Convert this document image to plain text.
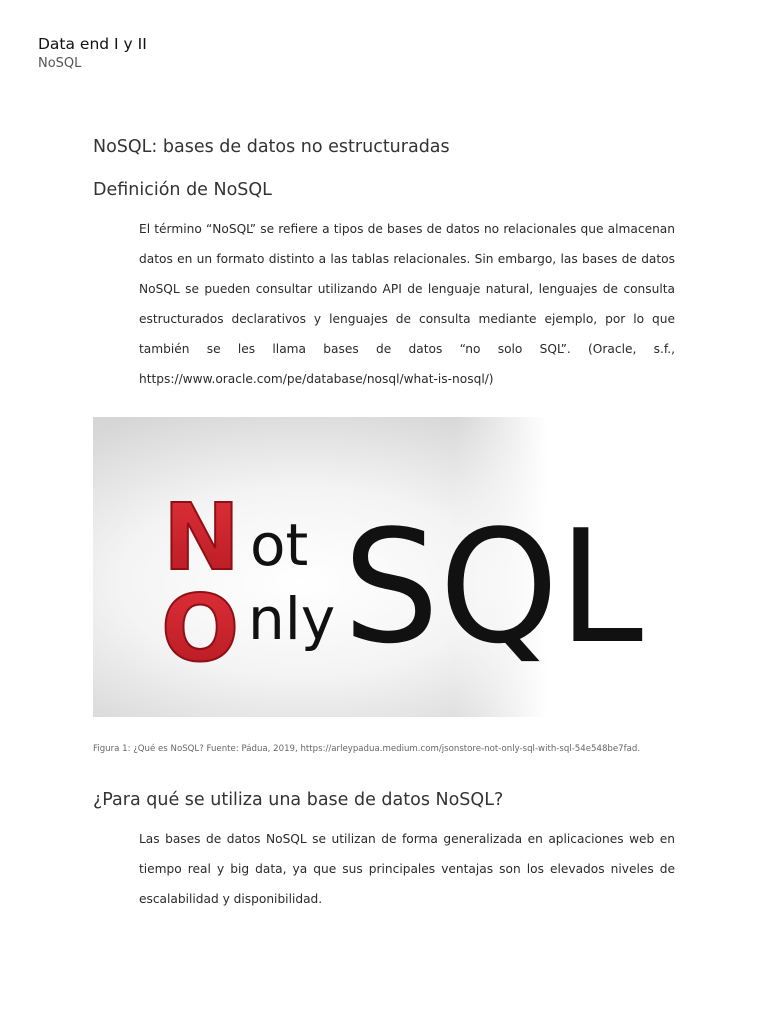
Data end I y II

NoSQL

NoSQL: bases de datos no estructuradas
Definición de NoSQL

El término “NoSQL” se refiere a tipos de bases de datos no relacionales que almacenan datos en un formato distinto a las tablas relacionales. Sin embargo, las bases de datos NoSQL se pueden consultar utilizando API de lenguaje natural, lenguajes de consulta estructurados declarativos y lenguajes de consulta mediante ejemplo, por lo que también se les llama bases de datos “no solo SQL”. (Oracle, s.f., https://www.oracle.com/pe/database/nosql/what-is-nosql/)

N
O
ot
nly SQL

Figura 1: ¿Qué es NoSQL? Fuente: Pádua, 2019, https://arleypadua.medium.com/jsonstore-not-only-sql-with-sql-54e548be7fad.

¿Para qué se utiliza una base de datos NoSQL?

Las bases de datos NoSQL se utilizan de forma generalizada en aplicaciones web en tiempo real y big data, ya que sus principales ventajas son los elevados niveles de escalabilidad y disponibilidad.
